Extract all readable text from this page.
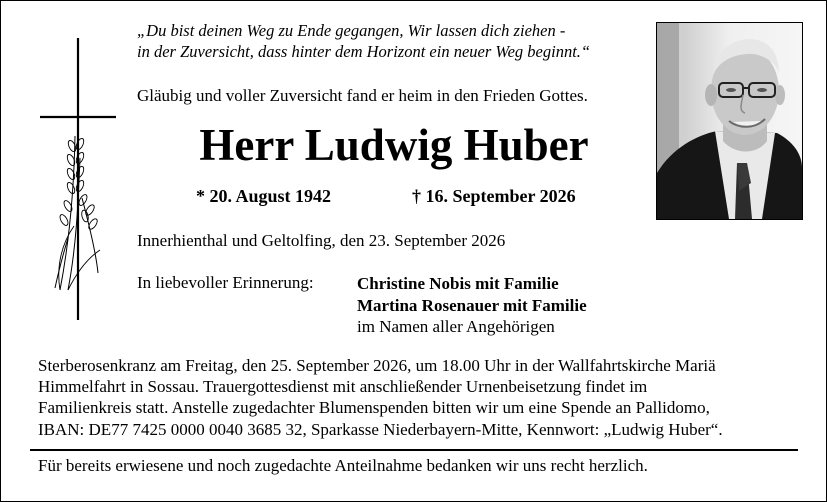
„Du bist deinen Weg zu Ende gegangen, Wir lassen dich ziehen -
in der Zuversicht, dass hinter dem Horizont ein neuer Weg beginnt.“
Gläubig und voller Zuversicht fand er heim in den Frieden Gottes.
Herr Ludwig Huber
* 20. August 1942	† 16. September 2026
Innerhienthal und Geltolfing, den 23. September 2026
In liebevoller Erinnerung:	Christine Nobis mit Familie
Martina Rosenauer mit Familie
im Namen aller Angehörigen
Sterberosenkranz am Freitag, den 25. September 2026, um 18.00 Uhr in der Wallfahrtskirche Mariä
Himmelfahrt in Sossau. Trauergottesdienst mit anschließender Urnenbeisetzung findet im
Familienkreis statt. Anstelle zugedachter Blumenspenden bitten wir um eine Spende an Pallidomo,
IBAN: DE77 7425 0000 0040 3685 32, Sparkasse Niederbayern-Mitte, Kennwort: „Ludwig Huber“.
Für bereits erwiesene und noch zugedachte Anteilnahme bedanken wir uns recht herzlich.
